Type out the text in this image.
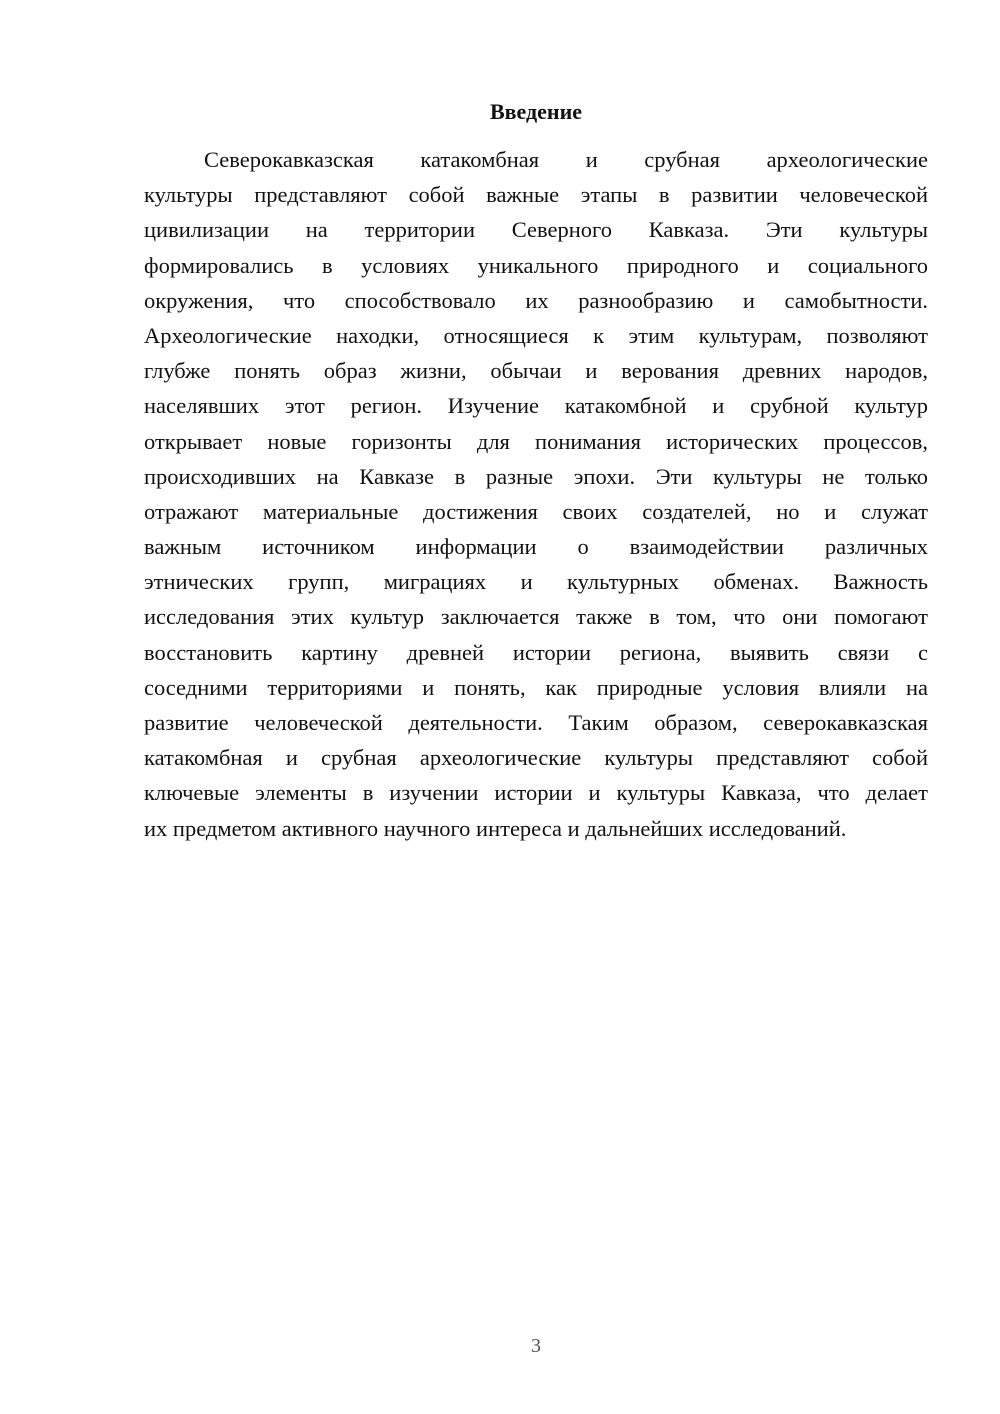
Введение
Северокавказская катакомбная и срубная археологические
культуры представляют собой важные этапы в развитии человеческой
цивилизации на территории Северного Кавказа. Эти культуры
формировались в условиях уникального природного и социального
окружения, что способствовало их разнообразию и самобытности.
Археологические находки, относящиеся к этим культурам, позволяют
глубже понять образ жизни, обычаи и верования древних народов,
населявших этот регион. Изучение катакомбной и срубной культур
открывает новые горизонты для понимания исторических процессов,
происходивших на Кавказе в разные эпохи. Эти культуры не только
отражают материальные достижения своих создателей, но и служат
важным источником информации о взаимодействии различных
этнических групп, миграциях и культурных обменах. Важность
исследования этих культур заключается также в том, что они помогают
восстановить картину древней истории региона, выявить связи с
соседними территориями и понять, как природные условия влияли на
развитие человеческой деятельности. Таким образом, северокавказская
катакомбная и срубная археологические культуры представляют собой
ключевые элементы в изучении истории и культуры Кавказа, что делает
их предметом активного научного интереса и дальнейших исследований.
3
